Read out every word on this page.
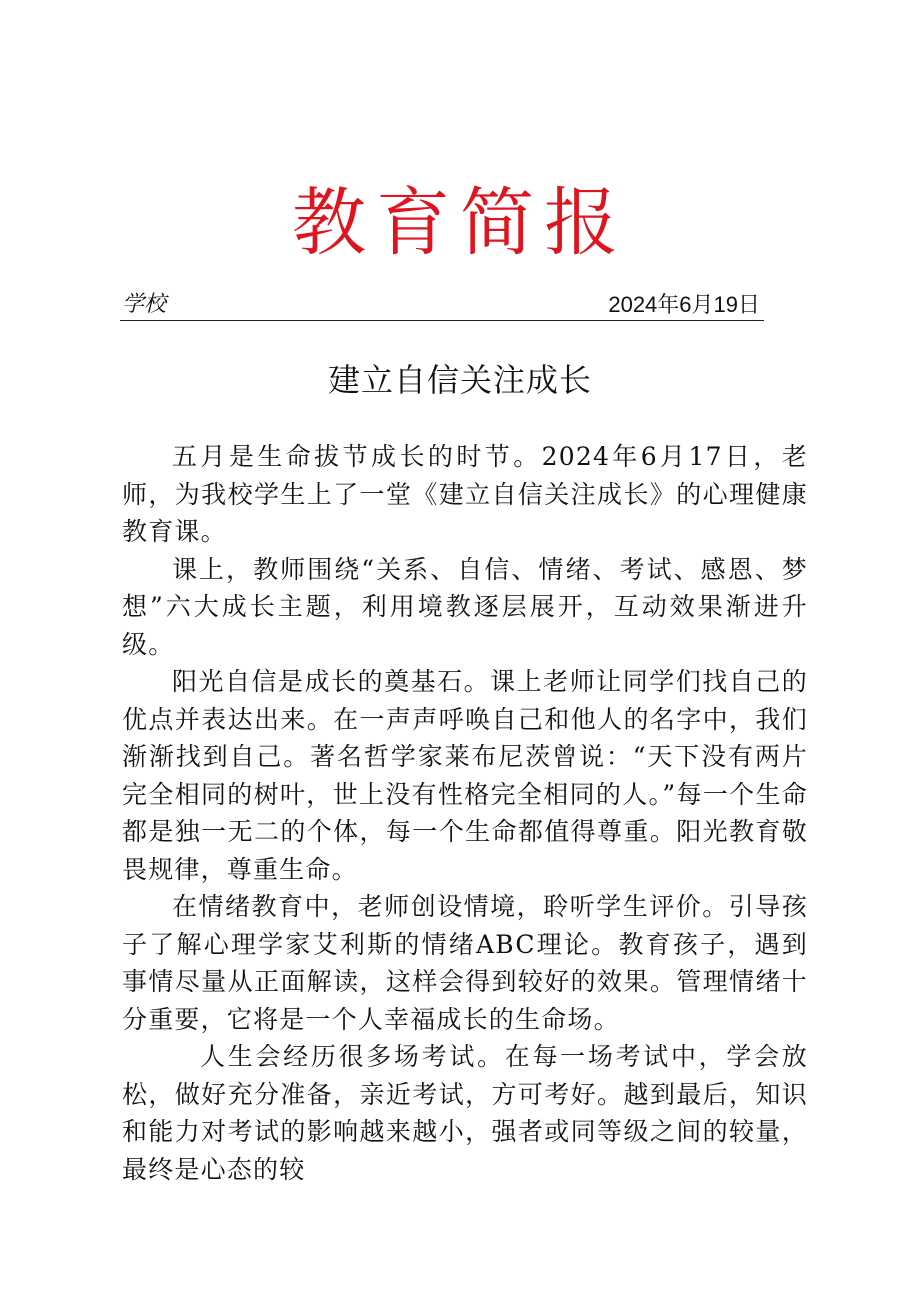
教育简报
学校	2024年6月19日
建立自信关注成长

五月是生命拔节成长的时节。2024年6月17日，老师，为我校学生上了一堂《建立自信关注成长》的心理健康教育课。

课上，教师围绕“关系、自信、情绪、考试、感恩、梦想”六大成长主题，利用境教逐层展开，互动效果渐进升级。

阳光自信是成长的奠基石。课上老师让同学们找自己的优点并表达出来。在一声声呼唤自己和他人的名字中，我们渐渐找到自己。著名哲学家莱布尼茨曾说：“天下没有两片完全相同的树叶，世上没有性格完全相同的人。”每一个生命都是独一无二的个体，每一个生命都值得尊重。阳光教育敬畏规律，尊重生命。

在情绪教育中，老师创设情境，聆听学生评价。引导孩子了解心理学家艾利斯的情绪ABC理论。教育孩子，遇到事情尽量从正面解读，这样会得到较好的效果。管理情绪十分重要，它将是一个人幸福成长的生命场。

人生会经历很多场考试。在每一场考试中，学会放松，做好充分准备，亲近考试，方可考好。越到最后，知识和能力对考试的影响越来越小，强者或同等级之间的较量，最终是心态的较
